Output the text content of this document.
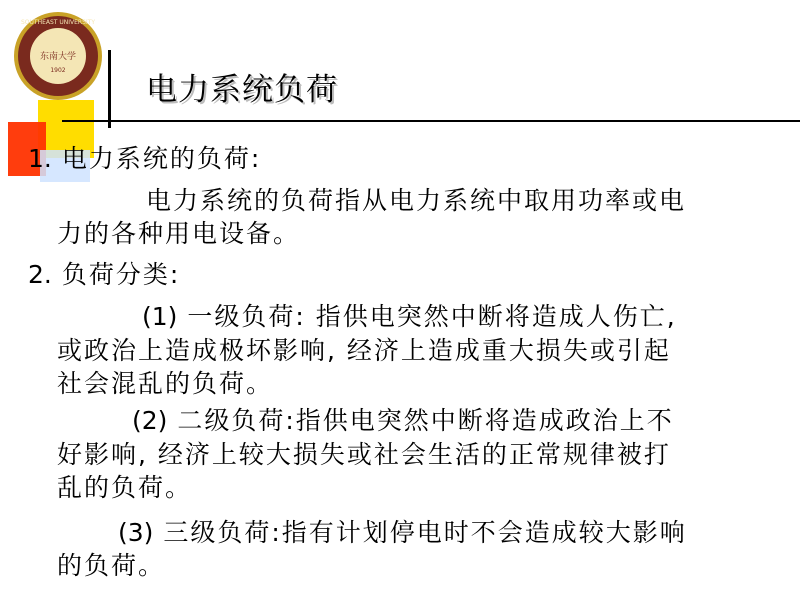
东南大学
SOUTHEAST UNIVERSITY
1902
电力系统负荷
1. 电力系统的负荷:
电力系统的负荷指从电力系统中取用功率或电
力的各种用电设备。
2. 负荷分类:
(1) 一级负荷: 指供电突然中断将造成人伤亡,
或政治上造成极坏影响, 经济上造成重大损失或引起
社会混乱的负荷。
(2) 二级负荷:指供电突然中断将造成政治上不
好影响, 经济上较大损失或社会生活的正常规律被打
乱的负荷。
(3) 三级负荷:指有计划停电时不会造成较大影响
的负荷。
